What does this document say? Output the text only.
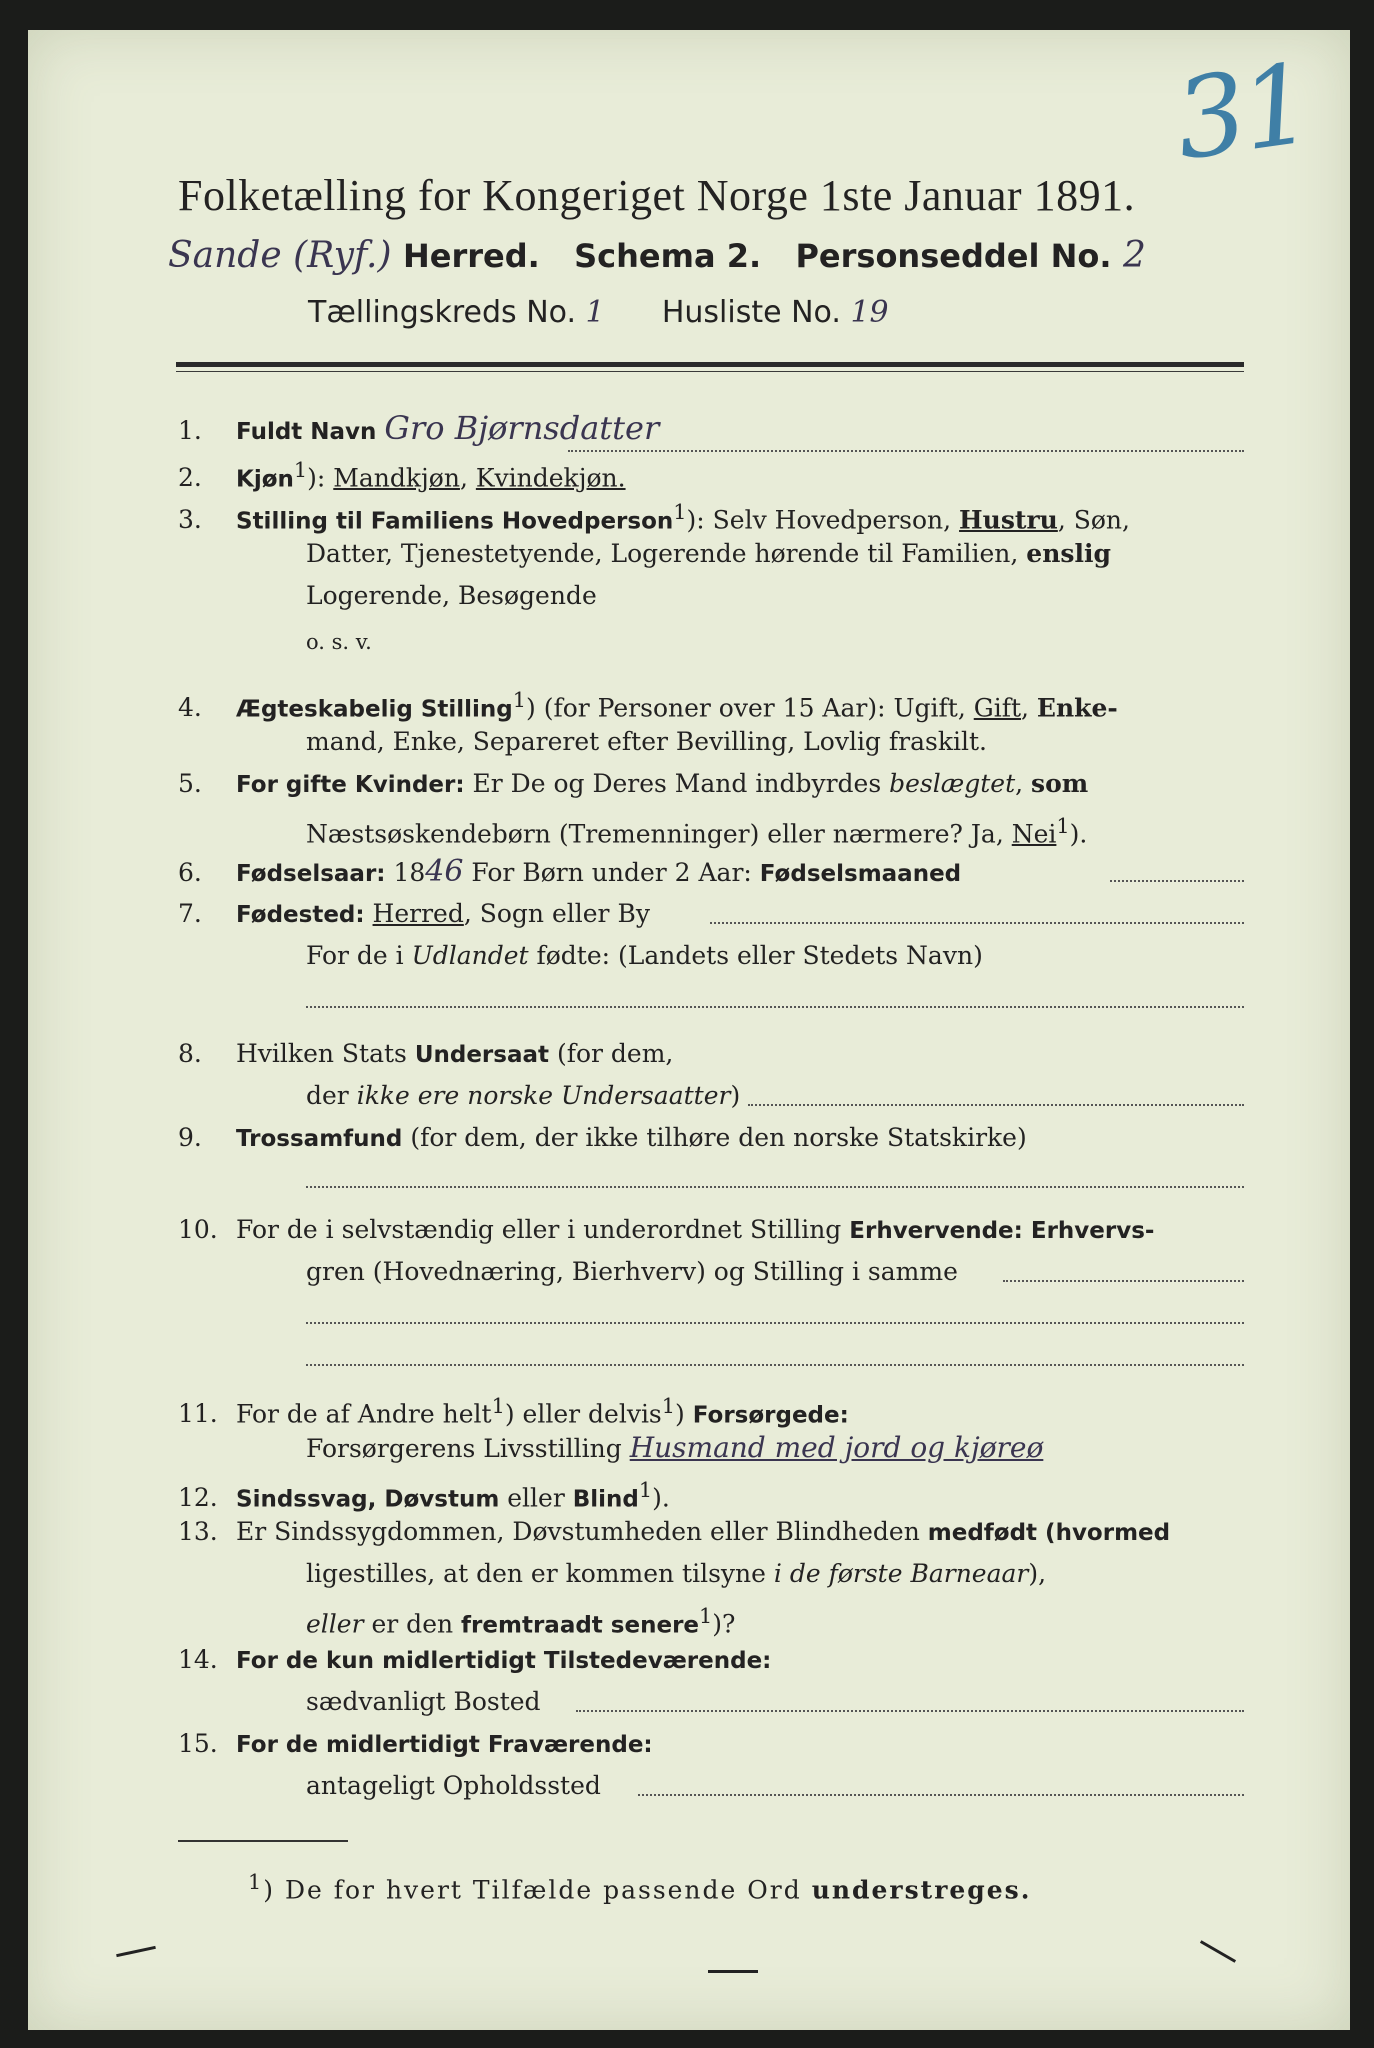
31
Folketælling for Kongeriget Norge 1ste Januar 1891.
Sande (Ryf.) Herred. Schema 2. Personseddel No. 2
Tællingskreds No. 1 Husliste No. 19
1. Fuldt Navn Gro Bjørnsdatter
2. Kjøn$^1$): Mandkjøn, Kvindekjøn.
3. Stilling til Familiens Hovedperson$^1$): Selv Hovedperson, Hustru, Søn,
Datter, Tjenestetyende, Logerende hørende til Familien, enslig
Logerende, Besøgende
o. s. v.
4. Ægteskabelig Stilling$^1$) (for Personer over 15 Aar): Ugift, Gift, Enke-
mand, Enke, Separeret efter Bevilling, Lovlig fraskilt.
5. For gifte Kvinder: Er De og Deres Mand indbyrdes beslægtet, som
Næstsøskendebørn (Tremenninger) eller nærmere? Ja, Nei$^1$).
6. Fødselsaar: 1846 For Børn under 2 Aar: Fødselsmaaned
7. Fødested: Herred, Sogn eller By
For de i Udlandet fødte: (Landets eller Stedets Navn)
8. Hvilken Stats Undersaat (for dem,
der ikke ere norske Undersaatter)
9. Trossamfund (for dem, der ikke tilhøre den norske Statskirke)
10. For de i selvstændig eller i underordnet Stilling Erhvervende: Erhvervs-
gren (Hovednæring, Bierhverv) og Stilling i samme
11. For de af Andre helt$^1$) eller delvis$^1$) Forsørgede:
Forsørgerens Livsstilling Husmand med jord og kjøreø
12. Sindssvag, Døvstum eller Blind$^1$).
13. Er Sindssygdommen, Døvstumheden eller Blindheden medfødt (hvormed
ligestilles, at den er kommen tilsyne i de første Barneaar),
eller er den fremtraadt senere$^1$)?
14. For de kun midlertidigt Tilstedeværende:
sædvanligt Bosted
15. For de midlertidigt Fraværende:
antageligt Opholdssted
$^1$) De for hvert Tilfælde passende Ord understreges.
